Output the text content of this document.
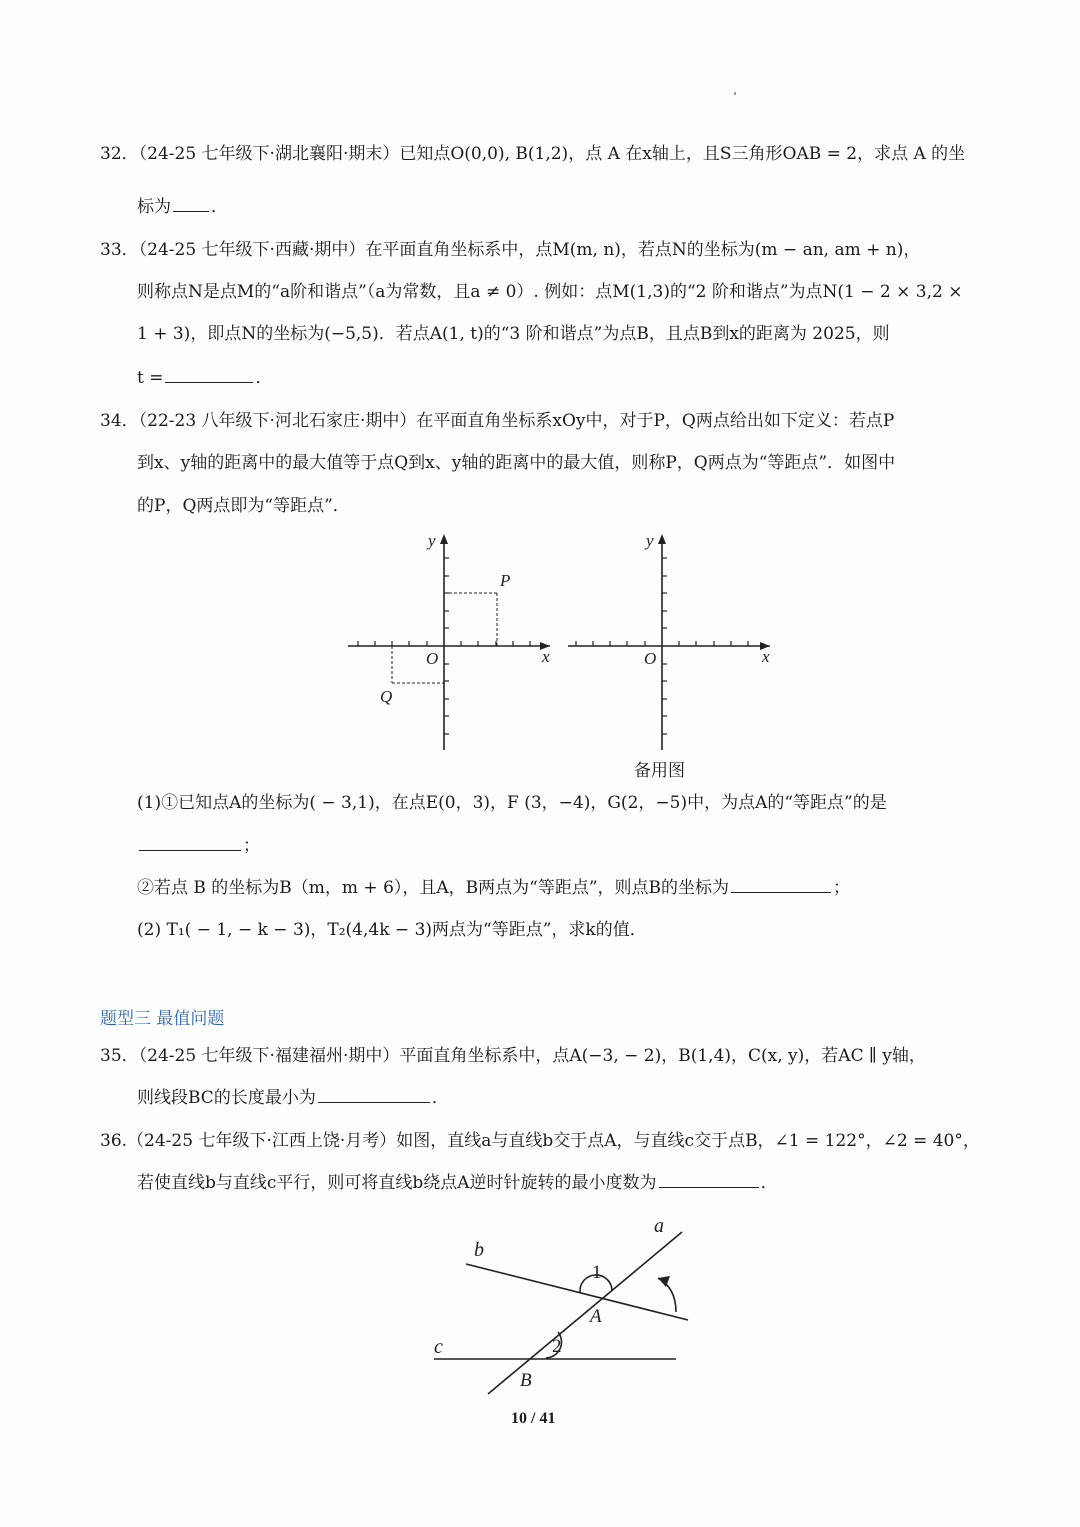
32．（24-25 七年级下·湖北襄阳·期末）已知点O(0,0), B(1,2)，点 A 在x轴上，且S三角形OAB = 2，求点 A 的坐
标为 ．
33．（24-25 七年级下·西藏·期中）在平面直角坐标系中，点M(m, n)，若点N的坐标为(m − an, am + n)，
则称点N是点M的“a阶和谐点”（a为常数，且a ≠ 0）. 例如：点M(1,3)的“2 阶和谐点”为点N(1 − 2 × 3,2 ×
1 + 3)，即点N的坐标为(−5,5)．若点A(1, t)的“3 阶和谐点”为点B，且点B到x的距离为 2025，则
t =	．
34．（22-23 八年级下·河北石家庄·期中）在平面直角坐标系xOy中，对于P，Q两点给出如下定义：若点P
到x、y轴的距离中的最大值等于点Q到x、y轴的距离中的最大值，则称P，Q两点为“等距点”．如图中
的P，Q两点即为“等距点”．
y
x
O
P
Q
y
x
O
备用图
(1)①已知点A的坐标为( − 3,1)，在点E(0，3)，F (3，−4)，G(2，−5)中，为点A的“等距点”的是
；
②若点 B 的坐标为B（m，m + 6），且A，B两点为“等距点”，则点B的坐标为	；
(2) T₁( − 1, − k − 3)，T₂(4,4k − 3)两点为“等距点”，求k的值．
题型三 最值问题
35．（24-25 七年级下·福建福州·期中）平面直角坐标系中，点A(−3, − 2)，B(1,4)，C(x, y)，若AC ∥ y轴，
则线段BC的长度最小为	．
36.（24-25 七年级下·江西上饶·月考）如图，直线a与直线b交于点A，与直线c交于点B，∠1 = 122°，∠2 = 40°，
若使直线b与直线c平行，则可将直线b绕点A逆时针旋转的最小度数为	．
a
b
c
A
B
1
2
10 / 41
